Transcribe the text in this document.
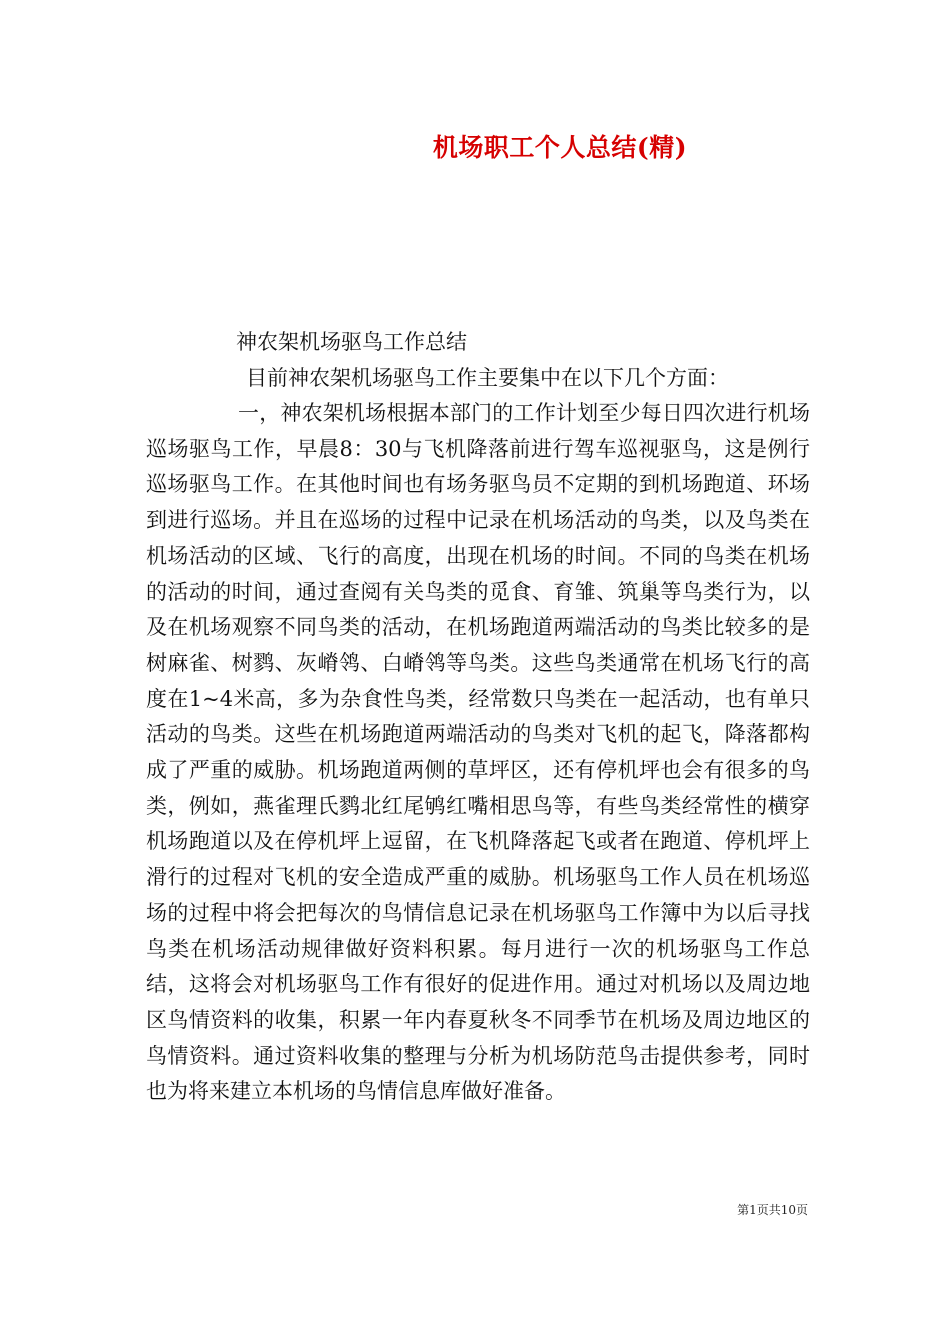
机场职工个人总结(精)
神农架机场驱鸟工作总结
目前神农架机场驱鸟工作主要集中在以下几个方面：

一，神农架机场根据本部门的工作计划至少每日四次进行机场巡场驱鸟工作，早晨8：30与飞机降落前进行驾车巡视驱鸟，这是例行巡场驱鸟工作。在其他时间也有场务驱鸟员不定期的到机场跑道、环场到进行巡场。并且在巡场的过程中记录在机场活动的鸟类，以及鸟类在机场活动的区域、飞行的高度，出现在机场的时间。不同的鸟类在机场的活动的时间，通过查阅有关鸟类的觅食、育雏、筑巢等鸟类行为，以及在机场观察不同鸟类的活动，在机场跑道两端活动的鸟类比较多的是树麻雀、树鹨、灰嵴鸰、白嵴鸰等鸟类。这些鸟类通常在机场飞行的高度在1~4米高，多为杂食性鸟类，经常数只鸟类在一起活动，也有单只活动的鸟类。这些在机场跑道两端活动的鸟类对飞机的起飞，降落都构成了严重的威胁。机场跑道两侧的草坪区，还有停机坪也会有很多的鸟类，例如，燕雀理氏鹨北红尾鸲红嘴相思鸟等，有些鸟类经常性的横穿机场跑道以及在停机坪上逗留，在飞机降落起飞或者在跑道、停机坪上滑行的过程对飞机的安全造成严重的威胁。机场驱鸟工作人员在机场巡场的过程中将会把每次的鸟情信息记录在机场驱鸟工作簿中为以后寻找鸟类在机场活动规律做好资料积累。每月进行一次的机场驱鸟工作总结，这将会对机场驱鸟工作有很好的促进作用。通过对机场以及周边地区鸟情资料的收集，积累一年内春夏秋冬不同季节在机场及周边地区的鸟情资料。通过资料收集的整理与分析为机场防范鸟击提供参考，同时也为将来建立本机场的鸟情信息库做好准备。

第1页共10页
